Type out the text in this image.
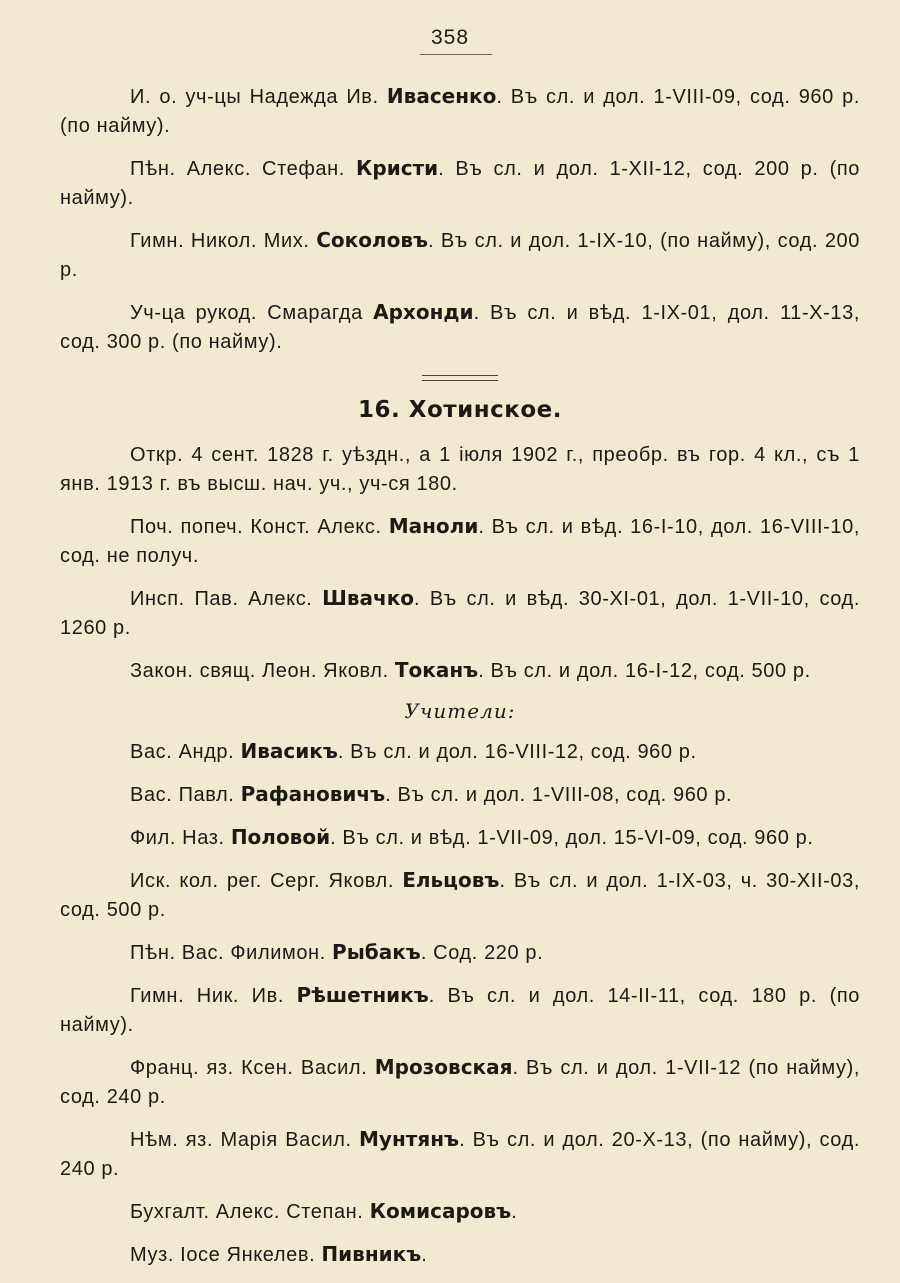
358

И. о. уч-цы Надежда Ив. Ивасенко. Въ сл. и дол. 1-VIII-09, сод. 960 р. (по найму).

Пѣн. Алекс. Стефан. Кристи. Въ сл. и дол. 1-XII-12, сод. 200 р. (по найму).

Гимн. Никол. Мих. Соколовъ. Въ сл. и дол. 1-IX-10, (по найму), сод. 200 р.

Уч-ца рукод. Смарагда Архонди. Въ сл. и вѣд. 1-IX-01, дол. 11-X-13, сод. 300 р. (по найму).

16. Хотинское.

Откр. 4 сент. 1828 г. уѣздн., а 1 іюля 1902 г., преобр. въ гор. 4 кл., съ 1 янв. 1913 г. въ высш. нач. уч., уч-ся 180.

Поч. попеч. Конст. Алекс. Маноли. Въ сл. и вѣд. 16-I-10, дол. 16-VIII-10, сод. не получ.

Инсп. Пав. Алекс. Швачко. Въ сл. и вѣд. 30-XI-01, дол. 1-VII-10, сод. 1260 р.

Закон. свящ. Леон. Яковл. Токанъ. Въ сл. и дол. 16-I-12, сод. 500 р.

Учители:

Вас. Андр. Ивасикъ. Въ сл. и дол. 16-VIII-12, сод. 960 р.

Вас. Павл. Рафановичъ. Въ сл. и дол. 1-VIII-08, сод. 960 р.

Фил. Наз. Половой. Въ сл. и вѣд. 1-VII-09, дол. 15-VI-09, сод. 960 р.

Иск. кол. рег. Серг. Яковл. Ельцовъ. Въ сл. и дол. 1-IX-03, ч. 30-XII-03, сод. 500 р.

Пѣн. Вас. Филимон. Рыбакъ. Сод. 220 р.

Гимн. Ник. Ив. Рѣшетникъ. Въ сл. и дол. 14-II-11, сод. 180 р. (по найму).

Франц. яз. Ксен. Васил. Мрозовская. Въ сл. и дол. 1-VII-12 (по найму), сод. 240 р.

Нѣм. яз. Марія Васил. Мунтянъ. Въ сл. и дол. 20-X-13, (по найму), сод. 240 р.

Бухгалт. Алекс. Степан. Комисаровъ.

Муз. Іосе Янкелев. Пивникъ.
